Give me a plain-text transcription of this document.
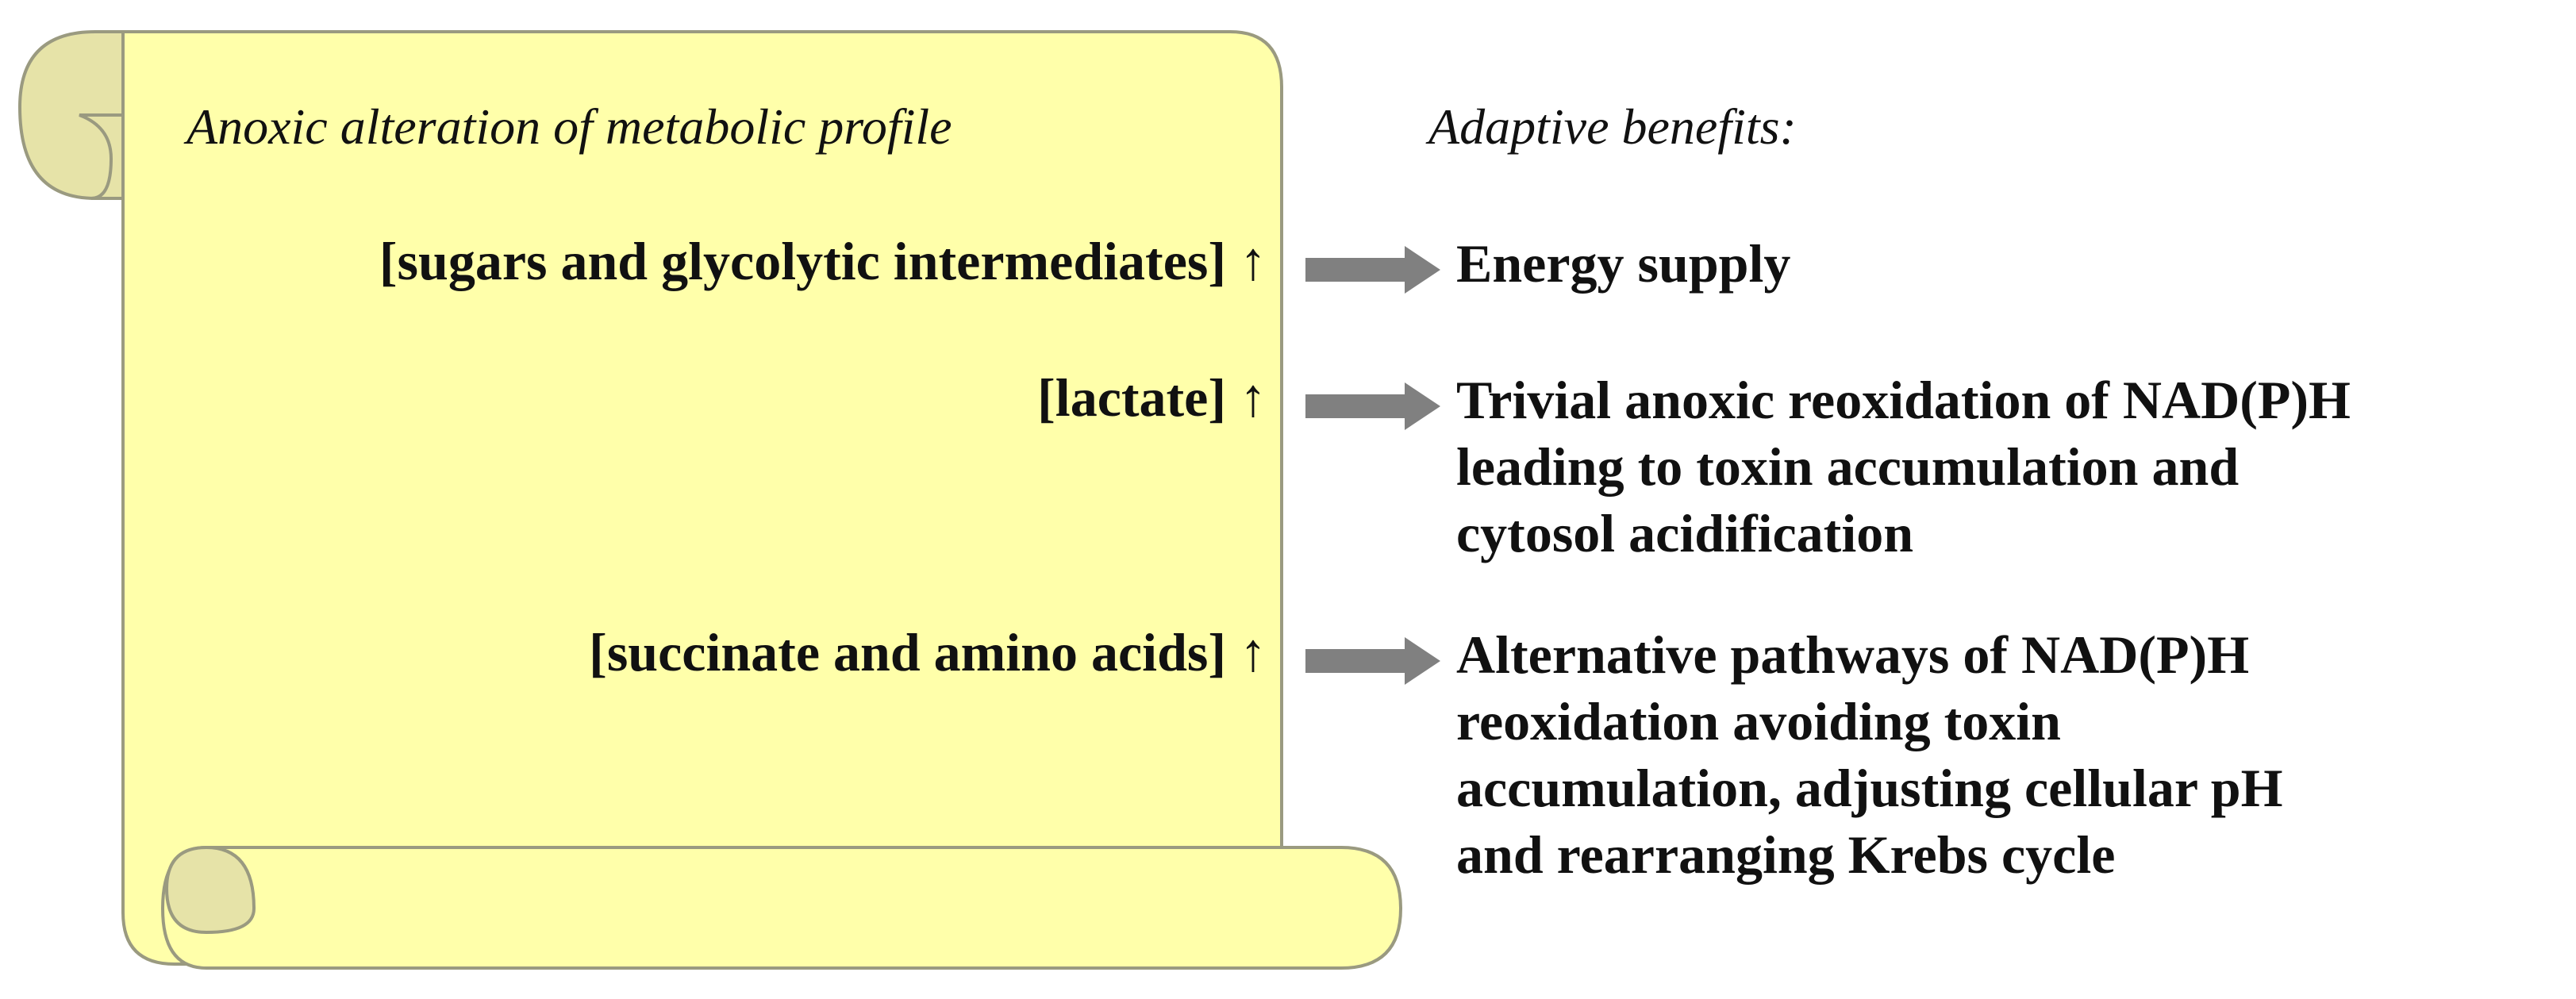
Anoxic alteration of metabolic profile	Adaptive benefits:
[sugars and glycolytic intermediates] ↑
[lactate] ↑
[succinate and amino acids] ↑
Energy supply
Trivial anoxic reoxidation of NAD(P)H
leading to toxin accumulation and
cytosol acidification
Alternative pathways of NAD(P)H
reoxidation avoiding toxin
accumulation, adjusting cellular pH
and rearranging Krebs cycle
